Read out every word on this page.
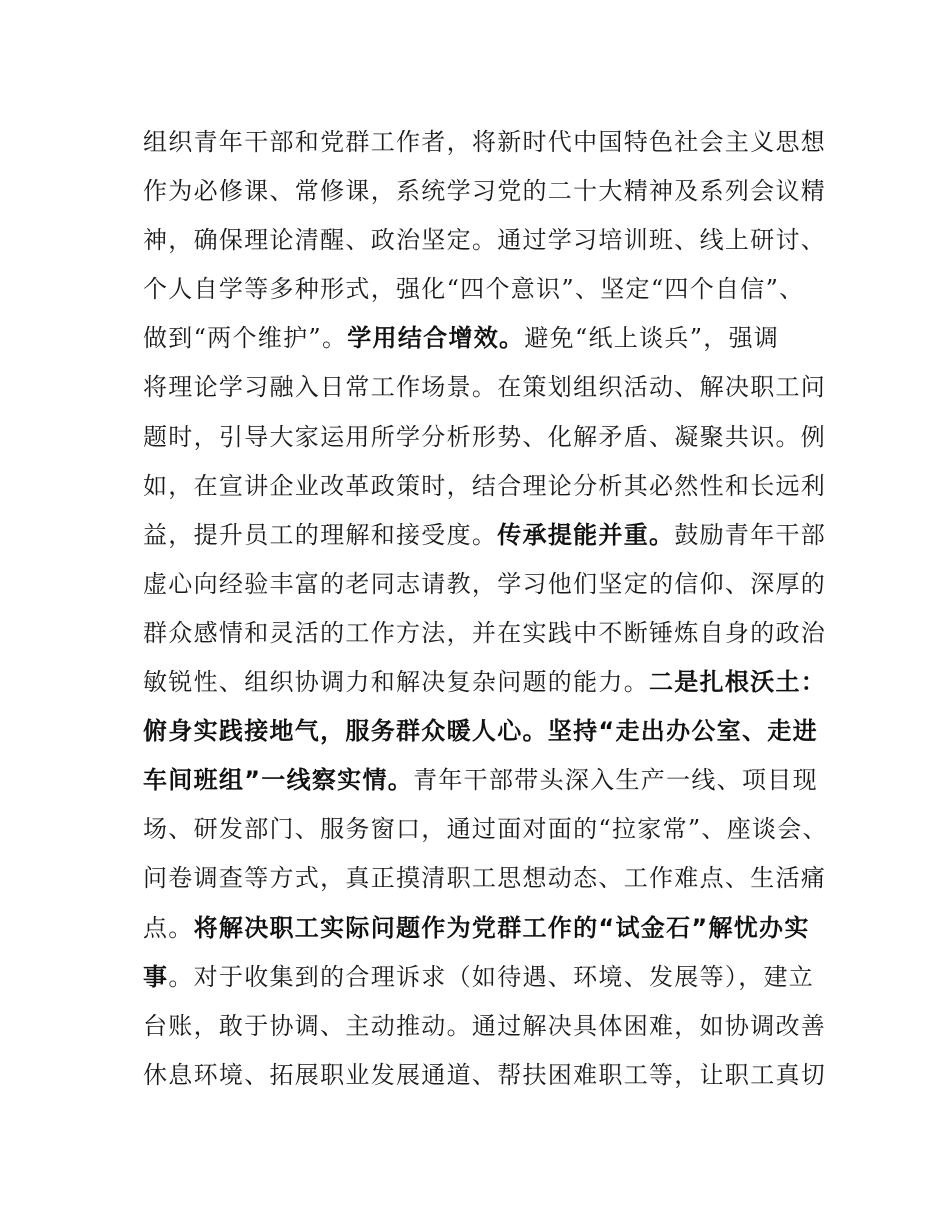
组织青年干部和党群工作者，将新时代中国特色社会主义思想
作为必修课、常修课，系统学习党的二十大精神及系列会议精
神，确保理论清醒、政治坚定。通过学习培训班、线上研讨、
个人自学等多种形式，强化“四个意识”、坚定“四个自信”、
做到“两个维护”。学用结合增效。避免“纸上谈兵”，强调
将理论学习融入日常工作场景。在策划组织活动、解决职工问
题时，引导大家运用所学分析形势、化解矛盾、凝聚共识。例
如，在宣讲企业改革政策时，结合理论分析其必然性和长远利
益，提升员工的理解和接受度。传承提能并重。鼓励青年干部
虚心向经验丰富的老同志请教，学习他们坚定的信仰、深厚的
群众感情和灵活的工作方法，并在实践中不断锤炼自身的政治
敏锐性、组织协调力和解决复杂问题的能力。二是扎根沃土：
俯身实践接地气，服务群众暖人心。坚持“走出办公室、走进
车间班组”一线察实情。青年干部带头深入生产一线、项目现
场、研发部门、服务窗口，通过面对面的“拉家常”、座谈会、
问卷调查等方式，真正摸清职工思想动态、工作难点、生活痛
点。将解决职工实际问题作为党群工作的“试金石”解忧办实
事。对于收集到的合理诉求（如待遇、环境、发展等），建立
台账，敢于协调、主动推动。通过解决具体困难，如协调改善
休息环境、拓展职业发展通道、帮扶困难职工等，让职工真切
